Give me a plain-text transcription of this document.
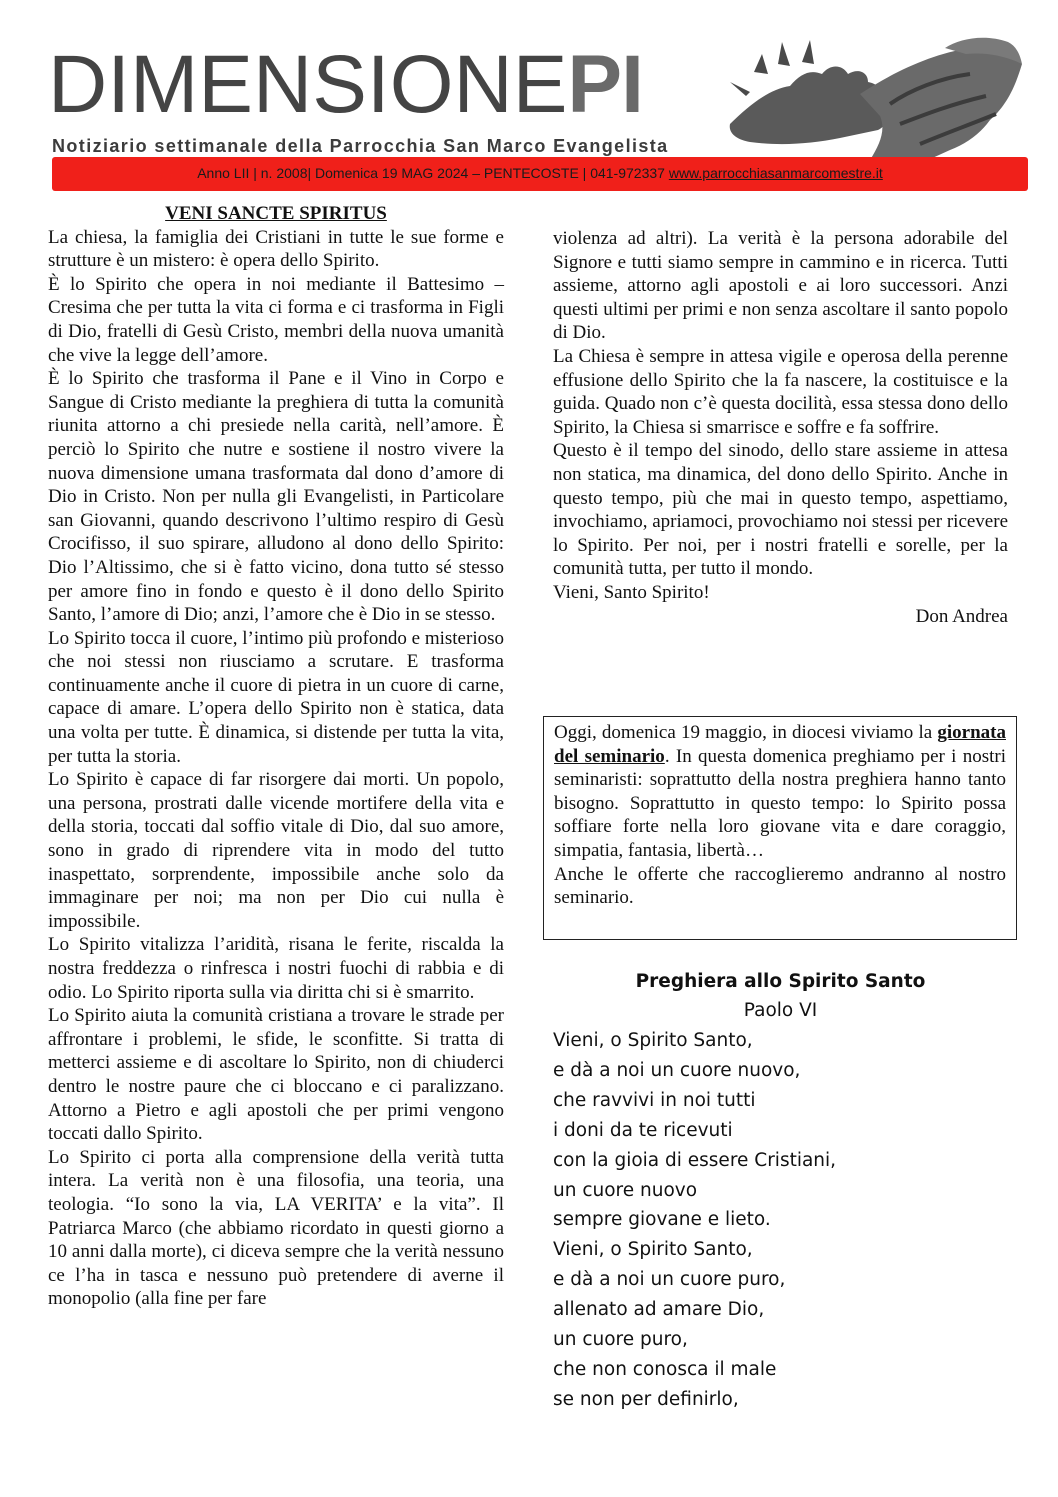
DIMENSIONEPI
Notiziario settimanale della Parrocchia San Marco Evangelista
Anno LII | n. 2008| Domenica 19 MAG 2024 – PENTECOSTE | 041-972337 www.parrocchiasanmarcomestre.it

VENI SANCTE SPIRITUS

La chiesa, la famiglia dei Cristiani in tutte le sue forme e strutture è un mistero: è opera dello Spirito.

È lo Spirito che opera in noi mediante il Battesimo – Cresima che per tutta la vita ci forma e ci trasforma in Figli di Dio, fratelli di Gesù Cristo, membri della nuova umanità che vive la legge dell’amore.

È lo Spirito che trasforma il Pane e il Vino in Corpo e Sangue di Cristo mediante la preghiera di tutta la comunità riunita attorno a chi presiede nella carità, nell’amore. È perciò lo Spirito che nutre e sostiene il nostro vivere la nuova dimensione umana trasformata dal dono d’amore di Dio in Cristo. Non per nulla gli Evangelisti, in Particolare san Giovanni, quando descrivono l’ultimo respiro di Gesù Crocifisso, il suo spirare, alludono al dono dello Spirito: Dio l’Altissimo, che si è fatto vicino, dona tutto sé stesso per amore fino in fondo e questo è il dono dello Spirito Santo, l’amore di Dio; anzi, l’amore che è Dio in se stesso.

Lo Spirito tocca il cuore, l’intimo più profondo e misterioso che noi stessi non riusciamo a scrutare. E trasforma continuamente anche il cuore di pietra in un cuore di carne, capace di amare. L’opera dello Spirito non è statica, data una volta per tutte. È dinamica, si distende per tutta la vita, per tutta la storia.

Lo Spirito è capace di far risorgere dai morti. Un popolo, una persona, prostrati dalle vicende mortifere della vita e della storia, toccati dal soffio vitale di Dio, dal suo amore, sono in grado di riprendere vita in modo del tutto inaspettato, sorprendente, impossibile anche solo da immaginare per noi; ma non per Dio cui nulla è impossibile.

Lo Spirito vitalizza l’aridità, risana le ferite, riscalda la nostra freddezza o rinfresca i nostri fuochi di rabbia e di odio. Lo Spirito riporta sulla via diritta chi si è smarrito.

Lo Spirito aiuta la comunità cristiana a trovare le strade per affrontare i problemi, le sfide, le sconfitte. Si tratta di metterci assieme e di ascoltare lo Spirito, non di chiuderci dentro le nostre paure che ci bloccano e ci paralizzano. Attorno a Pietro e agli apostoli che per primi vengono toccati dallo Spirito.

Lo Spirito ci porta alla comprensione della verità tutta intera. La verità non è una filosofia, una teoria, una teologia. “Io sono la via, LA VERITA’ e la vita”. Il Patriarca Marco (che abbiamo ricordato in questi giorno a 10 anni dalla morte), ci diceva sempre che la verità nessuno ce l’ha in tasca e nessuno può pretendere di averne il monopolio (alla fine per fare

violenza ad altri). La verità è la persona adorabile del Signore e tutti siamo sempre in cammino e in ricerca. Tutti assieme, attorno agli apostoli e ai loro successori. Anzi questi ultimi per primi e non senza ascoltare il santo popolo di Dio.

La Chiesa è sempre in attesa vigile e operosa della perenne effusione dello Spirito che la fa nascere, la costituisce e la guida. Quado non c’è questa docilità, essa stessa dono dello Spirito, la Chiesa si smarrisce e soffre e fa soffrire.

Questo è il tempo del sinodo, dello stare assieme in attesa non statica, ma dinamica, del dono dello Spirito. Anche in questo tempo, più che mai in questo tempo, aspettiamo, invochiamo, apriamoci, provochiamo noi stessi per ricevere lo Spirito. Per noi, per i nostri fratelli e sorelle, per la comunità tutta, per tutto il mondo.

Vieni, Santo Spirito!

Don Andrea

Oggi, domenica 19 maggio, in diocesi viviamo la giornata del seminario. In questa domenica preghiamo per i nostri seminaristi: soprattutto della nostra preghiera hanno tanto bisogno. Soprattutto in questo tempo: lo Spirito possa soffiare forte nella loro giovane vita e dare coraggio, simpatia, fantasia, libertà…

Anche le offerte che raccoglieremo andranno al nostro seminario.

Preghiera allo Spirito Santo
Paolo VI
Vieni, o Spirito Santo,
e dà a noi un cuore nuovo,
che ravvivi in noi tutti
i doni da te ricevuti
con la gioia di essere Cristiani,
un cuore nuovo
sempre giovane e lieto.
Vieni, o Spirito Santo,
e dà a noi un cuore puro,
allenato ad amare Dio,
un cuore puro,
che non conosca il male
se non per definirlo,
